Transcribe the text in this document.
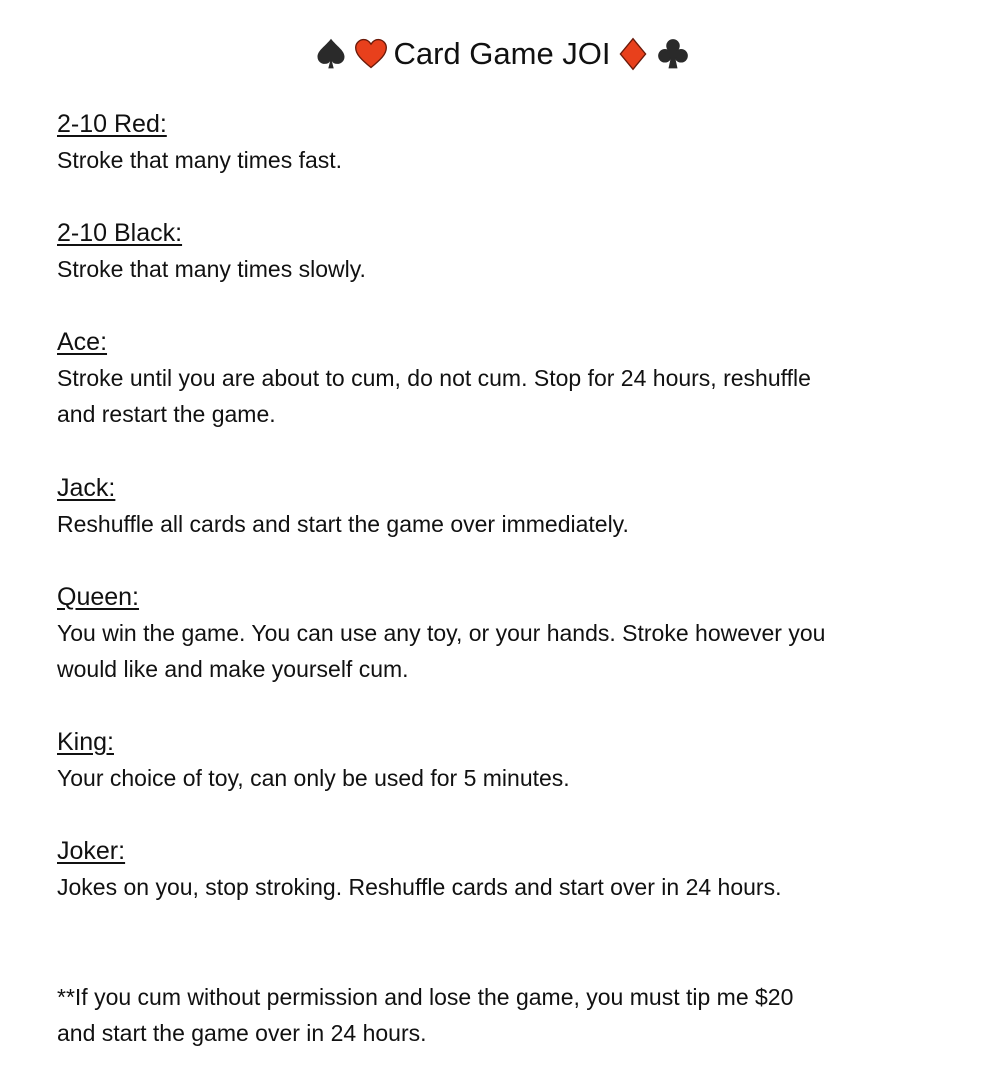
Card Game JOI
2-10 Red:

Stroke that many times fast.

2-10 Black:

Stroke that many times slowly.

Ace:

Stroke until you are about to cum, do not cum. Stop for 24 hours, reshuffle

and restart the game.

Jack:

Reshuffle all cards and start the game over immediately.

Queen:

You win the game. You can use any toy, or your hands. Stroke however you

would like and make yourself cum.

King:

Your choice of toy, can only be used for 5 minutes.

Joker:

Jokes on you, stop stroking. Reshuffle cards and start over in 24 hours.

**If you cum without permission and lose the game, you must tip me $20

and start the game over in 24 hours.
